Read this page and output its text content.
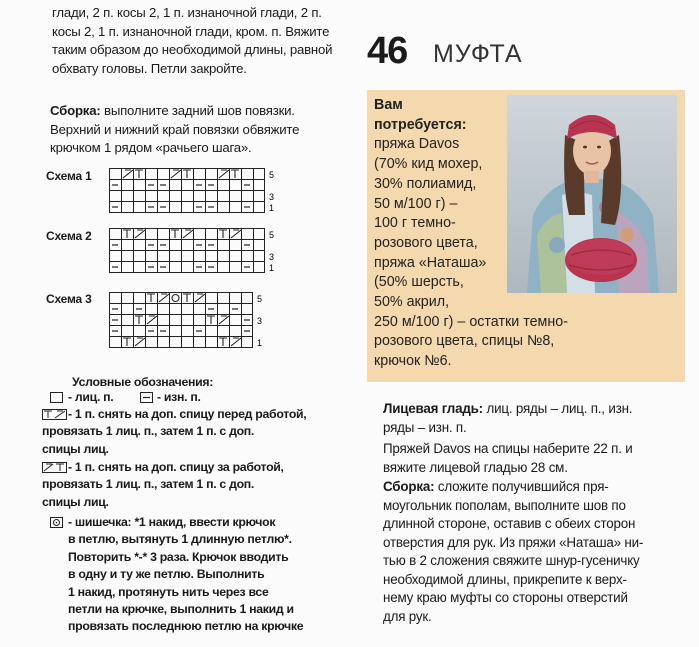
глади, 2 п. косы 2, 1 п. изнаночной глади, 2 п.
косы 2, 1 п. изнаночной глади, кром. п. Вяжите
таким образом до необходимой длины, равной
обхвату головы. Петли закройте.
Сборка: выполните задний шов повязки.
Верхний и нижний край повязки обвяжите
крючком 1 рядом «рачьего шага».
Схема 1
Схема 2
Схема 3
5
3
1
5
3
1
5
3
1
Условные обозначения:
- лиц. п.	- изн. п.
- 1 п. снять на доп. спицу перед работой,
провязать 1 лиц. п., затем 1 п. с доп.
спицы лиц.
- 1 п. снять на доп. спицу за работой,
провязать 1 лиц. п., затем 1 п. с доп.
спицы лиц.
- шишечка: *1 накид, ввести крючок
в петлю, вытянуть 1 длинную петлю*.
Повторить *-* 3 раза. Крючок вводить
в одну и ту же петлю. Выполнить
1 накид, протянуть нить через все
петли на крючке, выполнить 1 накид и
провязать последнюю петлю на крючке
46 МУФТА
Вам
потребуется:
пряжа Davos
(70% кид мохер,
30% полиамид,
50 м/100 г) –
100 г темно-
розового цвета,
пряжа «Наташа»
(50% шерсть,
50% акрил,
250 м/100 г) – остатки темно-
розового цвета, спицы №8,
крючок №6.
Лицевая гладь: лиц. ряды – лиц. п., изн.
ряды – изн. п.
Пряжей Davos на спицы наберите 22 п. и
вяжите лицевой гладью 28 см.
Сборка: сложите получившийся пря-
моугольник пополам, выполните шов по
длинной стороне, оставив с обеих сторон
отверстия для рук. Из пряжи «Наташа» ни-
тью в 2 сложения свяжите шнур-гусеничку
необходимой длины, прикрепите к верх-
нему краю муфты со стороны отверстий
для рук.
